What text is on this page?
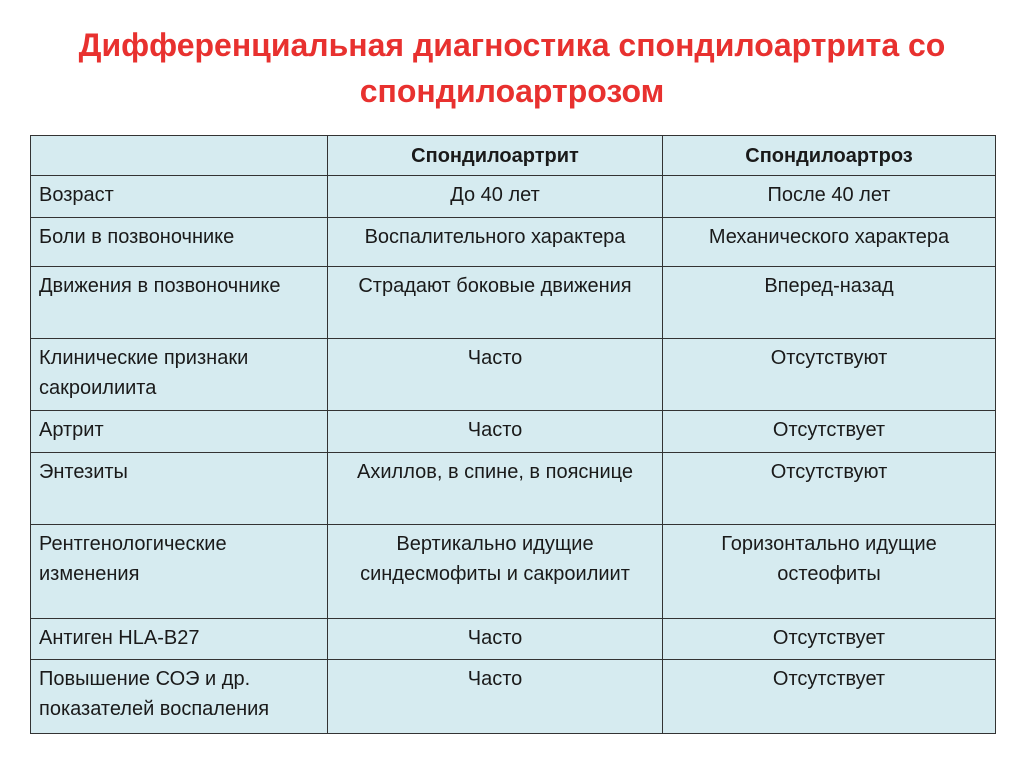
Дифференциальная диагностика спондилоартрита со спондилоартрозом
	Спондилоартрит	Спондилоартроз
Возраст	До 40 лет	После 40 лет
Боли в позвоночнике	Воспалительного характера	Механического характера
Движения в позвоночнике	Страдают боковые движения	Вперед-назад
Клинические признаки сакроилиита	Часто	Отсутствуют
Артрит	Часто	Отсутствует
Энтезиты	Ахиллов, в спине, в пояснице	Отсутствуют
Рентгенологические изменения	Вертикально идущие синдесмофиты и сакроилиит	Горизонтально идущие остеофиты
Антиген HLA-B27	Часто	Отсутствует
Повышение СОЭ и др. показателей воспаления	Часто	Отсутствует
